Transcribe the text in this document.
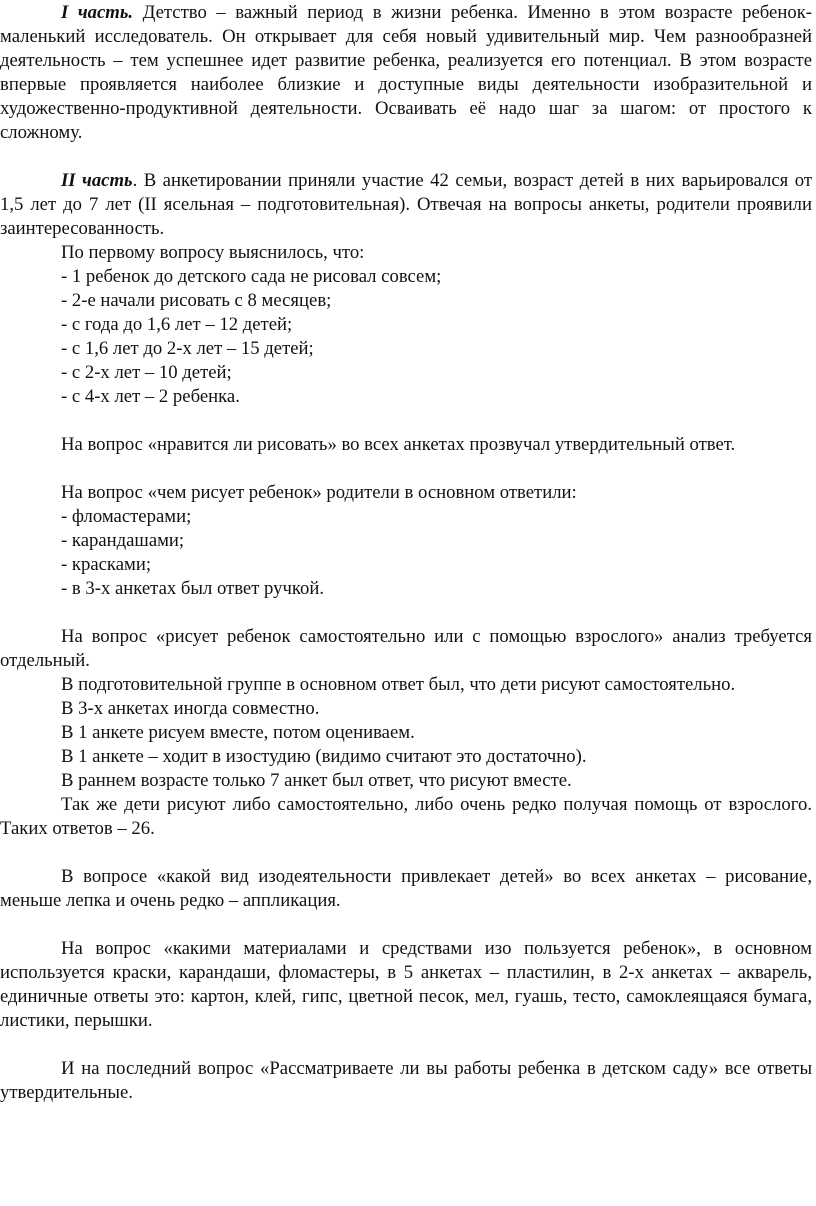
I часть. Детство – важный период в жизни ребенка. Именно в этом возрасте ребенок-маленький исследователь. Он открывает для себя новый удивительный мир. Чем разнообразней деятельность – тем успешнее идет развитие ребенка, реализуется его потенциал. В этом возрасте впервые проявляется наиболее близкие и доступные виды деятельности изобразительной и художественно-продуктивной деятельности. Осваивать её надо шаг за шагом: от простого к сложному.

II часть. В анкетировании приняли участие 42 семьи, возраст детей в них варьировался от 1,5 лет до 7 лет (II ясельная – подготовительная). Отвечая на вопросы анкеты, родители проявили заинтересованность.

По первому вопросу выяснилось, что:

- 1 ребенок до детского сада не рисовал совсем;

- 2-е начали рисовать с 8 месяцев;

- с года до 1,6 лет – 12 детей;

- с 1,6 лет до 2-х лет – 15 детей;

- с 2-х лет – 10 детей;

- с 4-х лет – 2 ребенка.

На вопрос «нравится ли рисовать» во всех анкетах прозвучал утвердительный ответ.

На вопрос «чем рисует ребенок» родители в основном ответили:

- фломастерами;

- карандашами;

- красками;

- в 3-х анкетах был ответ ручкой.

На вопрос «рисует ребенок самостоятельно или с помощью взрослого» анализ требуется отдельный.

В подготовительной группе в основном ответ был, что дети рисуют самостоятельно.

В 3-х анкетах иногда совместно.

В 1 анкете рисуем вместе, потом оцениваем.

В 1 анкете – ходит в изостудию (видимо считают это достаточно).

В раннем возрасте только 7 анкет был ответ, что рисуют вместе.

Так же дети рисуют либо самостоятельно, либо очень редко получая помощь от взрослого. Таких ответов – 26.

В вопросе «какой вид изодеятельности привлекает детей» во всех анкетах – рисование, меньше лепка и очень редко – аппликация.

На вопрос «какими материалами и средствами изо пользуется ребенок», в основном используется краски, карандаши, фломастеры, в 5 анкетах – пластилин, в 2-х анкетах – акварель, единичные ответы это: картон, клей, гипс, цветной песок, мел, гуашь, тесто, самоклеящаяся бумага, листики, перышки.

И на последний вопрос «Рассматриваете ли вы работы ребенка в детском саду» все ответы утвердительные.
